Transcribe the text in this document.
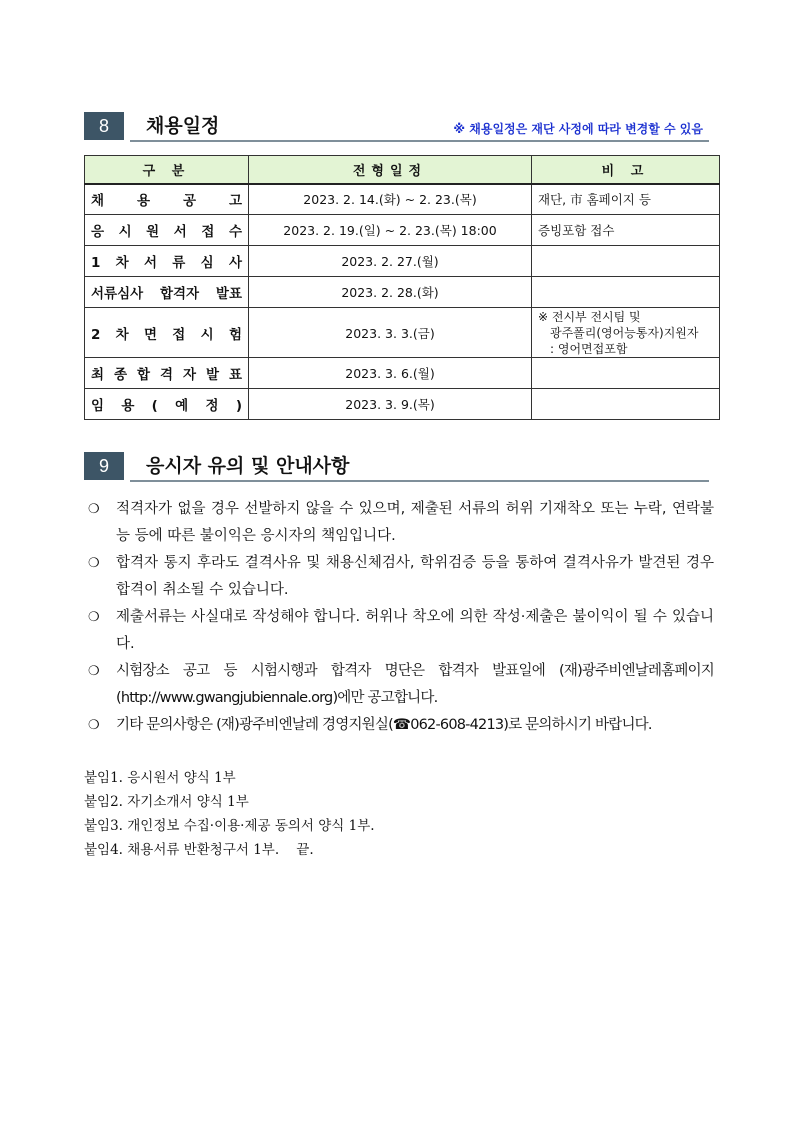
8	채용일정	※ 채용일정은 재단 사정에 따라 변경할 수 있음
구 분	전형일정	비 고
채 용 공 고	2023. 2. 14.(화) ~ 2. 23.(목)	재단, 市 홈페이지 등
응 시 원 서 접 수	2023. 2. 19.(일) ~ 2. 23.(목) 18:00	증빙포함 접수
1 차 서 류 심 사	2023. 2. 27.(월)	
서류심사 합격자 발표	2023. 2. 28.(화)	
2 차 면 접 시 험	2023. 3. 3.(금)	※ 전시부 전시팀 및
광주폴리(영어능통자)지원자
: 영어면접포함

최 종 합 격 자 발 표	2023. 3. 6.(월)	
임 용 ( 예 정 )	2023. 3. 9.(목)	
9	응시자 유의 및 안내사항
❍	적격자가 없을 경우 선발하지 않을 수 있으며, 제출된 서류의 허위 기재착오 또는 누락, 연락불능 등에 따른 불이익은 응시자의 책임입니다.
❍	합격자 통지 후라도 결격사유 및 채용신체검사, 학위검증 등을 통하여 결격사유가 발견된 경우 합격이 취소될 수 있습니다.
❍	제출서류는 사실대로 작성해야 합니다. 허위나 착오에 의한 작성·제출은 불이익이 될 수 있습니다.
❍	시험장소 공고 등 시험시행과 합격자 명단은 합격자 발표일에 (재)광주비엔날레홈페이지 (http://www.gwangjubiennale.org)에만 공고합니다.
❍	기타 문의사항은 (재)광주비엔날레 경영지원실(☎062-608-4213)로 문의하시기 바랍니다.
붙임1. 응시원서 양식 1부
붙임2. 자기소개서 양식 1부
붙임3. 개인정보 수집·이용·제공 동의서 양식 1부.
붙임4. 채용서류 반환청구서 1부.    끝.
